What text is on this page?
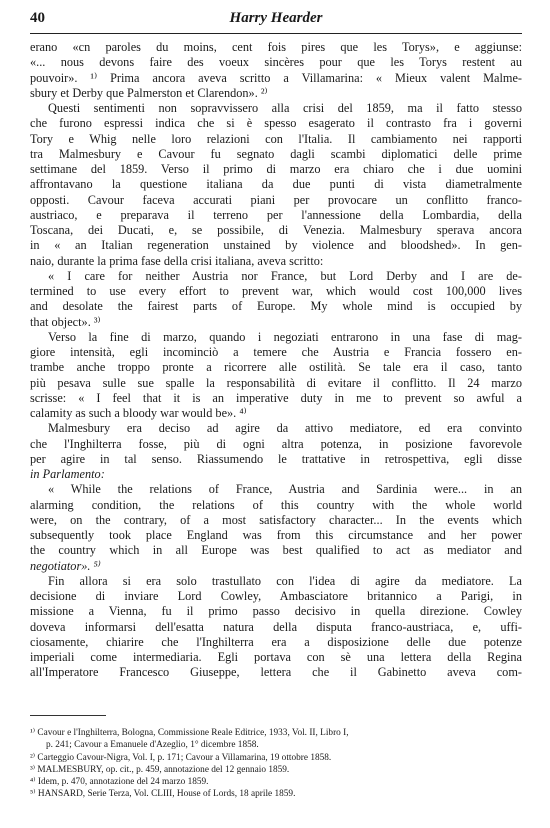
40	Harry Hearder
erano «cn paroles du moins, cent fois pires que les Torys», e aggiunse:
«... nous devons faire des voeux sincères pour que les Torys restent au
pouvoir». ¹⁾ Prima ancora aveva scritto a Villamarina: « Mieux valent Malme-
sbury et Derby que Palmerston et Clarendon». ²⁾
Questi sentimenti non sopravvissero alla crisi del 1859, ma il fatto stesso
che furono espressi indica che si è spesso esagerato il contrasto fra i governi
Tory e Whig nelle loro relazioni con l'Italia. Il cambiamento nei rapporti
tra Malmesbury e Cavour fu segnato dagli scambi diplomatici delle prime
settimane del 1859. Verso il primo di marzo era chiaro che i due uomini
affrontavano la questione italiana da due punti di vista diametralmente
opposti. Cavour faceva accurati piani per provocare un conflitto franco-
austriaco, e preparava il terreno per l'annessione della Lombardia, della
Toscana, dei Ducati, e, se possibile, di Venezia. Malmesbury sperava ancora
in « an Italian regeneration unstained by violence and bloodshed». In gen-
naio, durante la prima fase della crisi italiana, aveva scritto:
« I care for neither Austria nor France, but Lord Derby and I are de-
termined to use every effort to prevent war, which would cost 100,000 lives
and desolate the fairest parts of Europe. My whole mind is occupied by
that object». ³⁾
Verso la fine di marzo, quando i negoziati entrarono in una fase di mag-
giore intensità, egli incominciò a temere che Austria e Francia fossero en-
trambe anche troppo pronte a ricorrere alle ostilità. Se tale era il caso, tanto
più pesava sulle sue spalle la responsabilità di evitare il conflitto. Il 24 marzo
scrisse: « I feel that it is an imperative duty in me to prevent so awful a
calamity as such a bloody war would be». ⁴⁾
Malmesbury era deciso ad agire da attivo mediatore, ed era convinto
che l'Inghilterra fosse, più di ogni altra potenza, in posizione favorevole
per agire in tal senso. Riassumendo le trattative in retrospettiva, egli disse
in Parlamento:
« While the relations of France, Austria and Sardinia were... in an
alarming condition, the relations of this country with the whole world
were, on the contrary, of a most satisfactory character... In the events which
subsequently took place England was from this circumstance and her power
the country which in all Europe was best qualified to act as mediator and
negotiator». ⁵⁾
Fin allora si era solo trastullato con l'idea di agire da mediatore. La
decisione di inviare Lord Cowley, Ambasciatore britannico a Parigi, in
missione a Vienna, fu il primo passo decisivo in quella direzione. Cowley
doveva informarsi dell'esatta natura della disputa franco-austriaca, e, uffi-
ciosamente, chiarire che l'Inghilterra era a disposizione delle due potenze
imperiali come intermediaria. Egli portava con sè una lettera della Regina
all'Imperatore Francesco Giuseppe, lettera che il Gabinetto aveva com-
¹⁾ Cavour e l'Inghilterra, Bologna, Commissione Reale Editrice, 1933, Vol. II, Libro I,
p. 241; Cavour a Emanuele d'Azeglio, 1° dicembre 1858.
²⁾ Carteggio Cavour-Nigra, Vol. I, p. 171; Cavour a Villamarina, 19 ottobre 1858.
³⁾ MALMESBURY, op. cit., p. 459, annotazione del 12 gennaio 1859.
⁴⁾ Idem, p. 470, annotazione del 24 marzo 1859.
⁵⁾ HANSARD, Serie Terza, Vol. CLIII, House of Lords, 18 aprile 1859.
